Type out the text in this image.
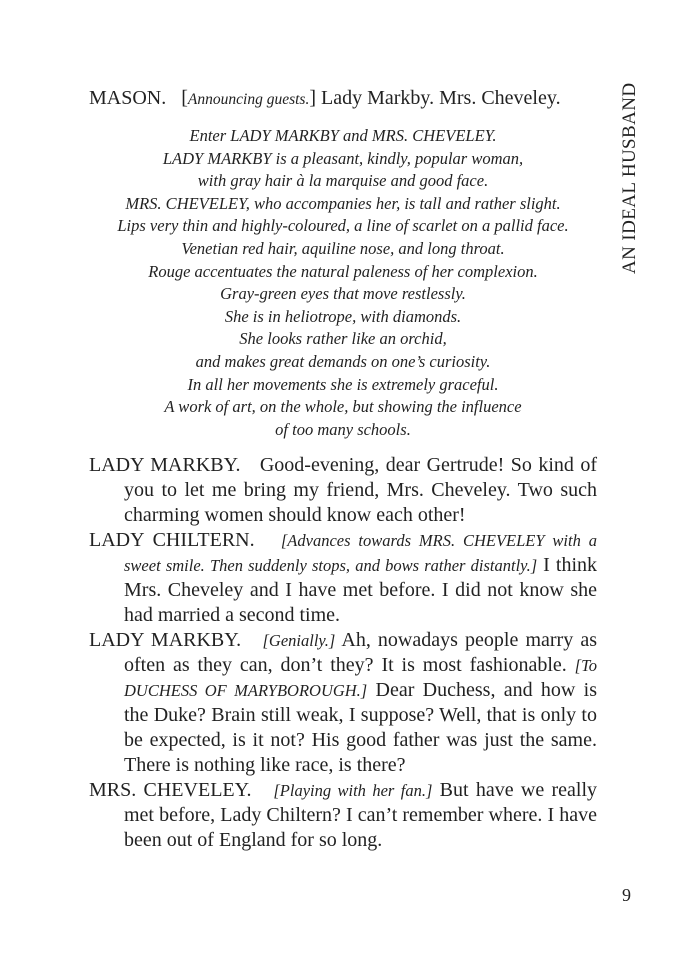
AN IDEAL HUSBAND

MASON. [Announcing guests.] Lady Markby. Mrs. Cheveley.

Enter LADY MARKBY and MRS. CHEVELEY.
LADY MARKBY is a pleasant, kindly, popular woman,
with gray hair à la marquise and good face.
MRS. CHEVELEY, who accompanies her, is tall and rather slight.
Lips very thin and highly-coloured, a line of scarlet on a pallid face.
Venetian red hair, aquiline nose, and long throat.
Rouge accentuates the natural paleness of her complexion.
Gray-green eyes that move restlessly.
She is in heliotrope, with diamonds.
She looks rather like an orchid,
and makes great demands on one’s curiosity.
In all her movements she is extremely graceful.
A work of art, on the whole, but showing the influence
of too many schools.

LADY MARKBY. Good-evening, dear Gertrude! So kind of you to let me bring my friend, Mrs. Cheveley. Two such charming women should know each other!

LADY CHILTERN. [Advances towards MRS. CHEVELEY with a sweet smile. Then suddenly stops, and bows rather distantly.] I think Mrs. Cheveley and I have met before. I did not know she had married a second time.

LADY MARKBY. [Genially.] Ah, nowadays people marry as often as they can, don’t they? It is most fashionable. [To DUCHESS OF MARYBOROUGH.] Dear Duchess, and how is the Duke? Brain still weak, I suppose? Well, that is only to be expected, is it not? His good father was just the same. There is nothing like race, is there?

MRS. CHEVELEY. [Playing with her fan.] But have we really met before, Lady Chiltern? I can’t remember where. I have been out of England for so long.

9
